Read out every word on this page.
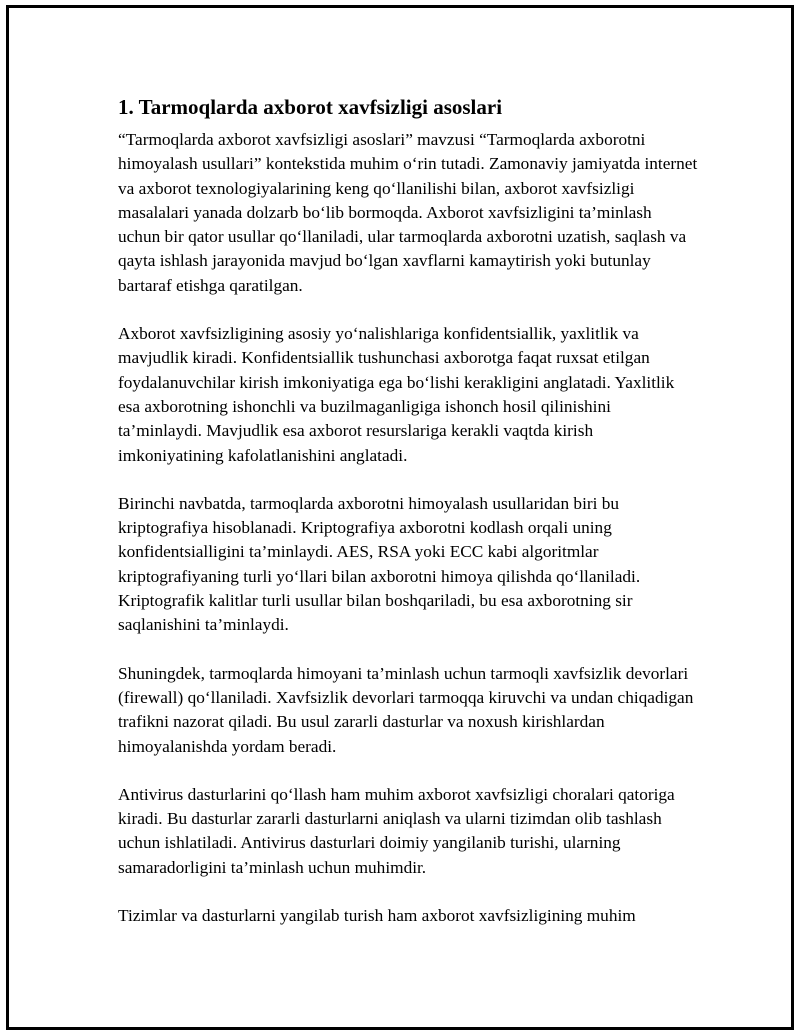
1. Tarmoqlarda axborot xavfsizligi asoslari

“Tarmoqlarda axborot xavfsizligi asoslari” mavzusi “Tarmoqlarda axborotni himoyalash usullari” kontekstida muhim o‘rin tutadi. Zamonaviy jamiyatda internet va axborot texnologiyalarining keng qo‘llanilishi bilan, axborot xavfsizligi masalalari yanada dolzarb bo‘lib bormoqda. Axborot xavfsizligini ta’minlash uchun bir qator usullar qo‘llaniladi, ular tarmoqlarda axborotni uzatish, saqlash va qayta ishlash jarayonida mavjud bo‘lgan xavflarni kamaytirish yoki butunlay bartaraf etishga qaratilgan.

Axborot xavfsizligining asosiy yo‘nalishlariga konfidentsiallik, yaxlitlik va mavjudlik kiradi. Konfidentsiallik tushunchasi axborotga faqat ruxsat etilgan foydalanuvchilar kirish imkoniyatiga ega bo‘lishi kerakligini anglatadi. Yaxlitlik esa axborotning ishonchli va buzilmaganligiga ishonch hosil qilinishini ta’minlaydi. Mavjudlik esa axborot resurslariga kerakli vaqtda kirish imkoniyatining kafolatlanishini anglatadi.

Birinchi navbatda, tarmoqlarda axborotni himoyalash usullaridan biri bu kriptografiya hisoblanadi. Kriptografiya axborotni kodlash orqali uning konfidentsialligini ta’minlaydi. AES, RSA yoki ECC kabi algoritmlar kriptografiyaning turli yo‘llari bilan axborotni himoya qilishda qo‘llaniladi. Kriptografik kalitlar turli usullar bilan boshqariladi, bu esa axborotning sir saqlanishini ta’minlaydi.

Shuningdek, tarmoqlarda himoyani ta’minlash uchun tarmoqli xavfsizlik devorlari (firewall) qo‘llaniladi. Xavfsizlik devorlari tarmoqqa kiruvchi va undan chiqadigan trafikni nazorat qiladi. Bu usul zararli dasturlar va noxush kirishlardan himoyalanishda yordam beradi.

Antivirus dasturlarini qo‘llash ham muhim axborot xavfsizligi choralari qatoriga kiradi. Bu dasturlar zararli dasturlarni aniqlash va ularni tizimdan olib tashlash uchun ishlatiladi. Antivirus dasturlari doimiy yangilanib turishi, ularning samaradorligini ta’minlash uchun muhimdir.

Tizimlar va dasturlarni yangilab turish ham axborot xavfsizligining muhim
